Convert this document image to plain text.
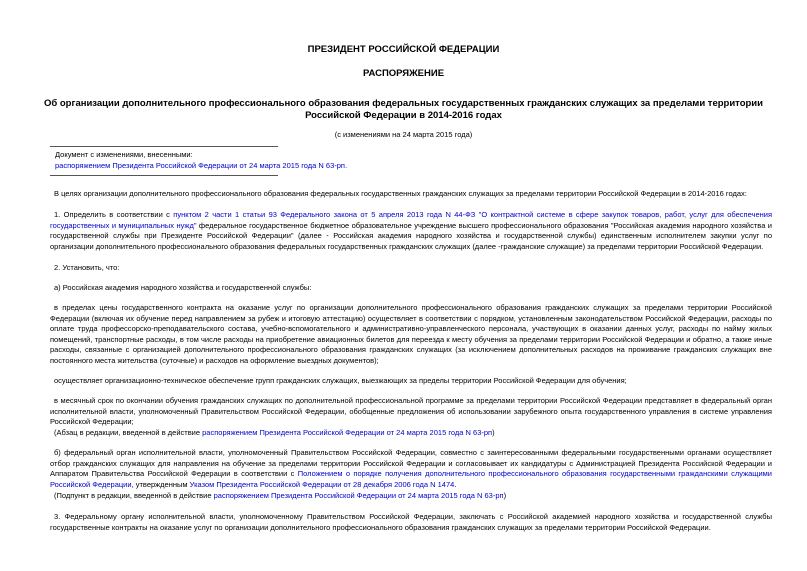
ПРЕЗИДЕНТ РОССИЙСКОЙ ФЕДЕРАЦИИ
РАСПОРЯЖЕНИЕ
Об организации дополнительного профессионального образования федеральных государственных гражданских служащих за пределами территории Российской Федерации в 2014-2016 годах
(с изменениями на 24 марта 2015 года)
Документ с изменениями, внесенными:
распоряжением Президента Российской Федерации от 24 марта 2015 года N 63-рп.
В целях организации дополнительного профессионального образования федеральных государственных гражданских служащих за пределами территории Российской Федерации в 2014-2016 годах:
1. Определить в соответствии с пунктом 2 части 1 статьи 93 Федерального закона от 5 апреля 2013 года N 44-ФЗ "О контрактной системе в сфере закупок товаров, работ, услуг для обеспечения государственных и муниципальных нужд" федеральное государственное бюджетное образовательное учреждение высшего профессионального образования "Российская академия народного хозяйства и государственной службы при Президенте Российской Федерации" (далее - Российская академия народного хозяйства и государственной службы) единственным исполнителем закупки услуг по организации дополнительного профессионального образования федеральных государственных гражданских служащих (далее -гражданские служащие) за пределами территории Российской Федерации.
2. Установить, что:
а) Российская академия народного хозяйства и государственной службы:
в пределах цены государственного контракта на оказание услуг по организации дополнительного профессионального образования гражданских служащих за пределами территории Российской Федерации (включая их обучение перед направлением за рубеж и итоговую аттестацию) осуществляет в соответствии с порядком, установленным законодательством Российской Федерации, расходы по оплате труда профессорско-преподавательского состава, учебно-вспомогательного и административно-управленческого персонала, участвующих в оказании данных услуг, расходы по найму жилых помещений, транспортные расходы, в том числе расходы на приобретение авиационных билетов для переезда к месту обучения за пределами территории Российской Федерации и обратно, а также иные расходы, связанные с организацией дополнительного профессионального образования гражданских служащих (за исключением дополнительных расходов на проживание гражданских служащих вне постоянного места жительства (суточные) и расходов на оформление выездных документов);
осуществляет организационно-техническое обеспечение групп гражданских служащих, выезжающих за пределы территории Российской Федерации для обучения;
в месячный срок по окончании обучения гражданских служащих по дополнительной профессиональной программе за пределами территории Российской Федерации представляет в федеральный орган исполнительной власти, уполномоченный Правительством Российской Федерации, обобщенные предложения об использовании зарубежного опыта государственного управления в системе управления Российской Федерации;
(Абзац в редакции, введенной в действие распоряжением Президента Российской Федерации от 24 марта 2015 года N 63-рп)
б) федеральный орган исполнительной власти, уполномоченный Правительством Российской Федерации, совместно с заинтересованными федеральными государственными органами осуществляет отбор гражданских служащих для направления на обучение за пределами территории Российской Федерации и согласовывает их кандидатуры с Администрацией Президента Российской Федерации и Аппаратом Правительства Российской Федерации в соответствии с Положением о порядке получения дополнительного профессионального образования государственными гражданскими служащими Российской Федерации, утвержденным Указом Президента Российской Федерации от 28 декабря 2006 года N 1474.
(Подпункт в редакции, введенной в действие распоряжением Президента Российской Федерации от 24 марта 2015 года N 63-рп)
3. Федеральному органу исполнительной власти, уполномоченному Правительством Российской Федерации, заключать с Российской академией народного хозяйства и государственной службы государственные контракты на оказание услуг по организации дополнительного профессионального образования гражданских служащих за пределами территории Российской Федерации.
